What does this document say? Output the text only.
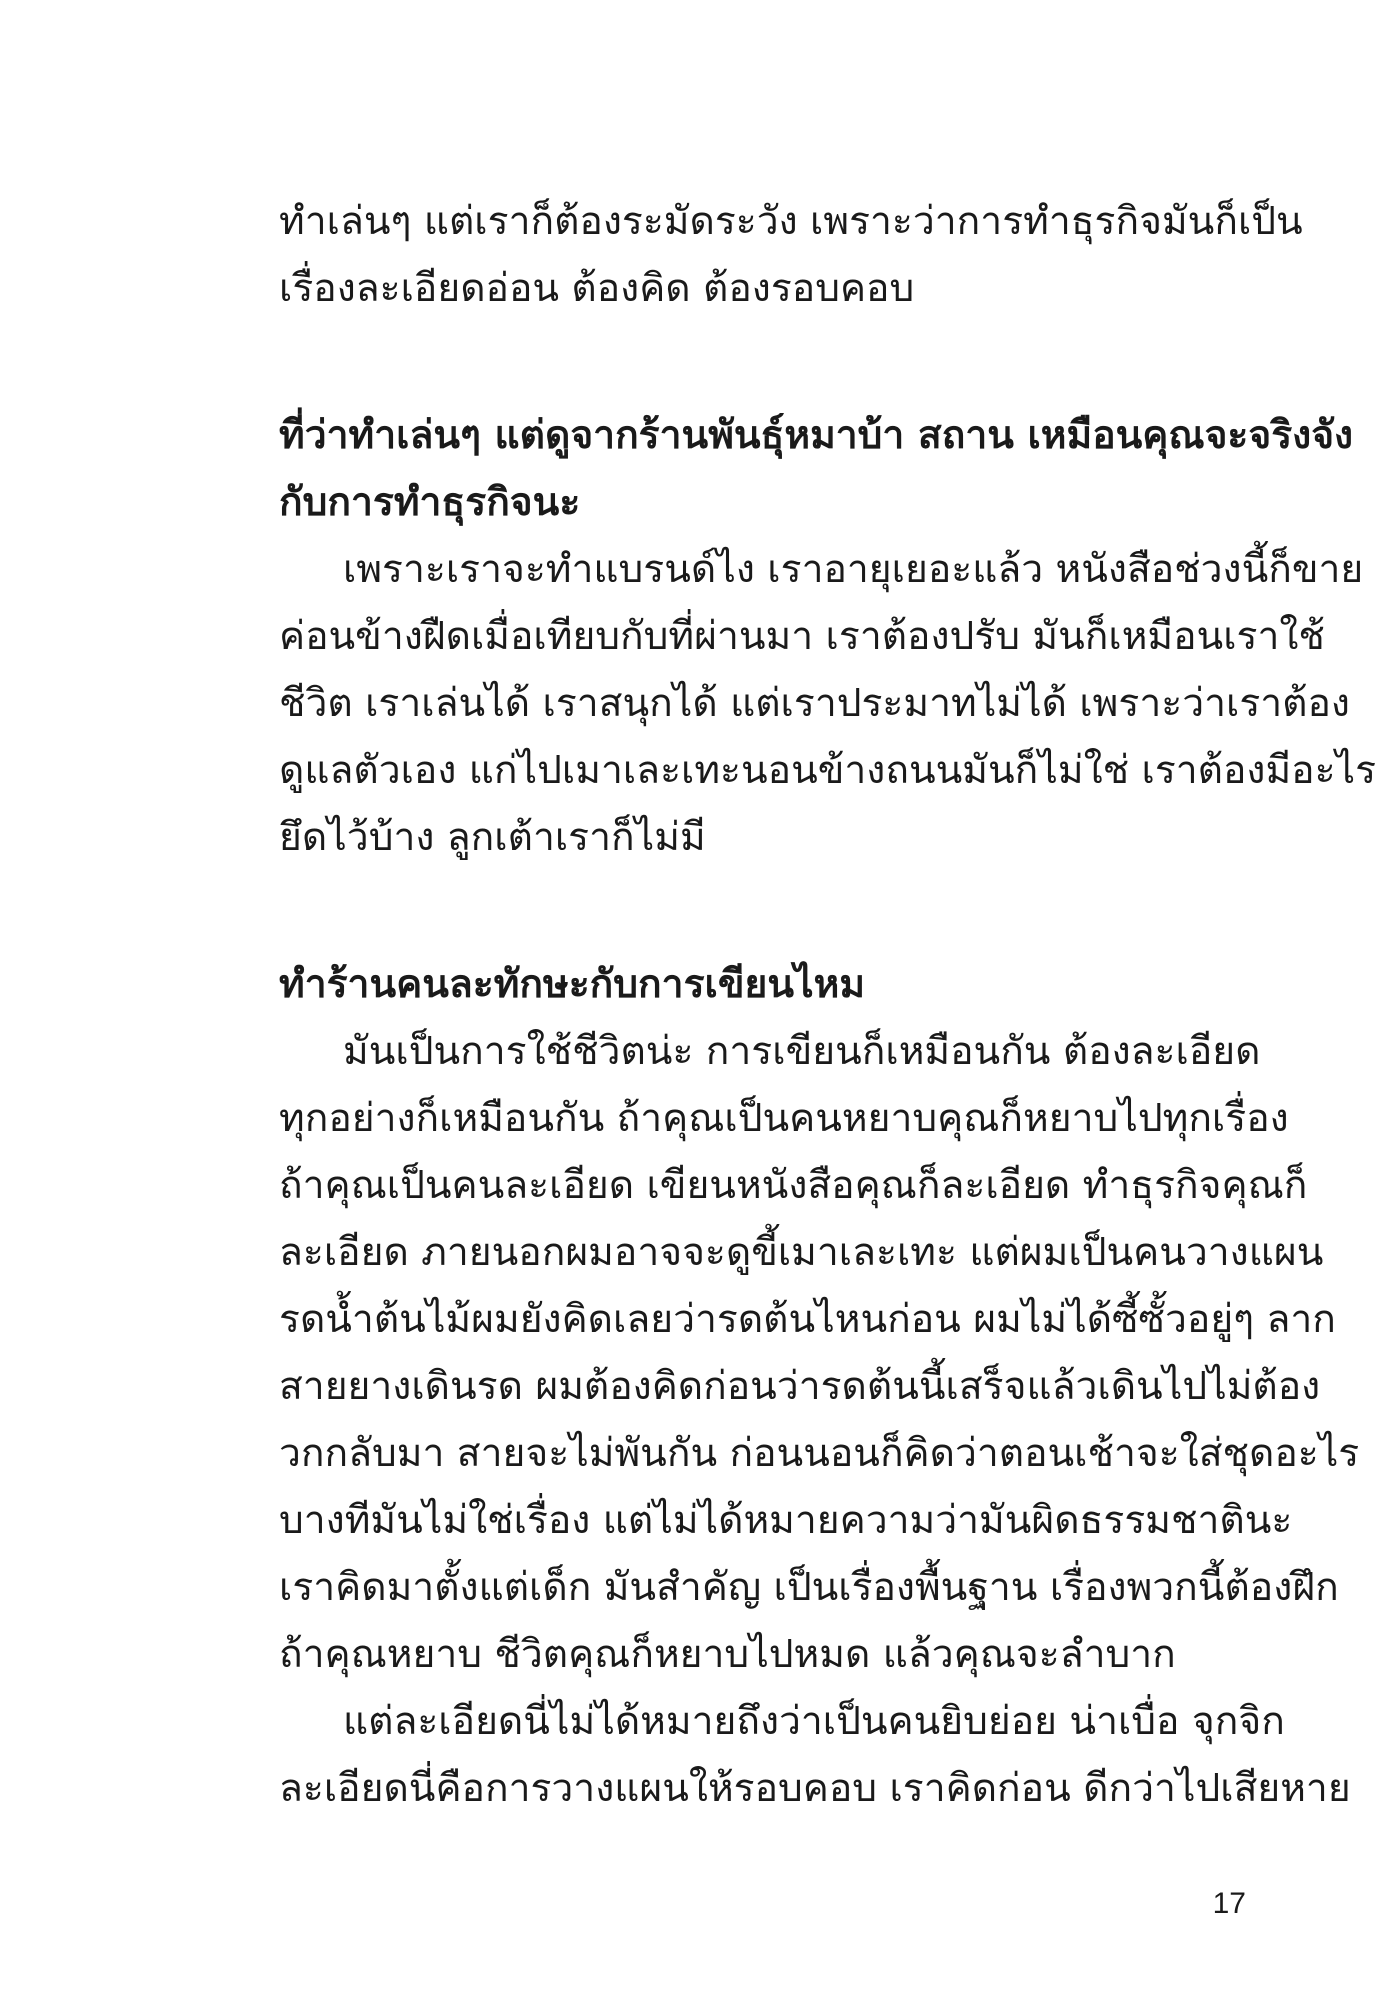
ทำเล่นๆ แต่เราก็ต้องระมัดระวัง เพราะว่าการทำธุรกิจมันก็เป็น
เรื่องละเอียดอ่อน ต้องคิด ต้องรอบคอบ
ที่ว่าทำเล่นๆ แต่ดูจากร้านพันธุ์หมาบ้า สถาน เหมือนคุณจะจริงจัง
กับการทำธุรกิจนะ
เพราะเราจะทำแบรนด์ไง เราอายุเยอะแล้ว หนังสือช่วงนี้ก็ขาย
ค่อนข้างฝืดเมื่อเทียบกับที่ผ่านมา เราต้องปรับ มันก็เหมือนเราใช้
ชีวิต เราเล่นได้ เราสนุกได้ แต่เราประมาทไม่ได้ เพราะว่าเราต้อง
ดูแลตัวเอง แก่ไปเมาเละเทะนอนข้างถนนมันก็ไม่ใช่ เราต้องมีอะไร
ยึดไว้บ้าง ลูกเต้าเราก็ไม่มี
ทำร้านคนละทักษะกับการเขียนไหม
มันเป็นการใช้ชีวิตน่ะ การเขียนก็เหมือนกัน ต้องละเอียด
ทุกอย่างก็เหมือนกัน ถ้าคุณเป็นคนหยาบคุณก็หยาบไปทุกเรื่อง
ถ้าคุณเป็นคนละเอียด เขียนหนังสือคุณก็ละเอียด ทำธุรกิจคุณก็
ละเอียด ภายนอกผมอาจจะดูขี้เมาเละเทะ แต่ผมเป็นคนวางแผน
รดน้ำต้นไม้ผมยังคิดเลยว่ารดต้นไหนก่อน ผมไม่ได้ซี้ซั้วอยู่ๆ ลาก
สายยางเดินรด ผมต้องคิดก่อนว่ารดต้นนี้เสร็จแล้วเดินไปไม่ต้อง
วกกลับมา สายจะไม่พันกัน ก่อนนอนก็คิดว่าตอนเช้าจะใส่ชุดอะไร
บางทีมันไม่ใช่เรื่อง แต่ไม่ได้หมายความว่ามันผิดธรรมชาตินะ
เราคิดมาตั้งแต่เด็ก มันสำคัญ เป็นเรื่องพื้นฐาน เรื่องพวกนี้ต้องฝึก
ถ้าคุณหยาบ ชีวิตคุณก็หยาบไปหมด แล้วคุณจะลำบาก
แต่ละเอียดนี่ไม่ได้หมายถึงว่าเป็นคนยิบย่อย น่าเบื่อ จุกจิก
ละเอียดนี่คือการวางแผนให้รอบคอบ เราคิดก่อน ดีกว่าไปเสียหาย
17
